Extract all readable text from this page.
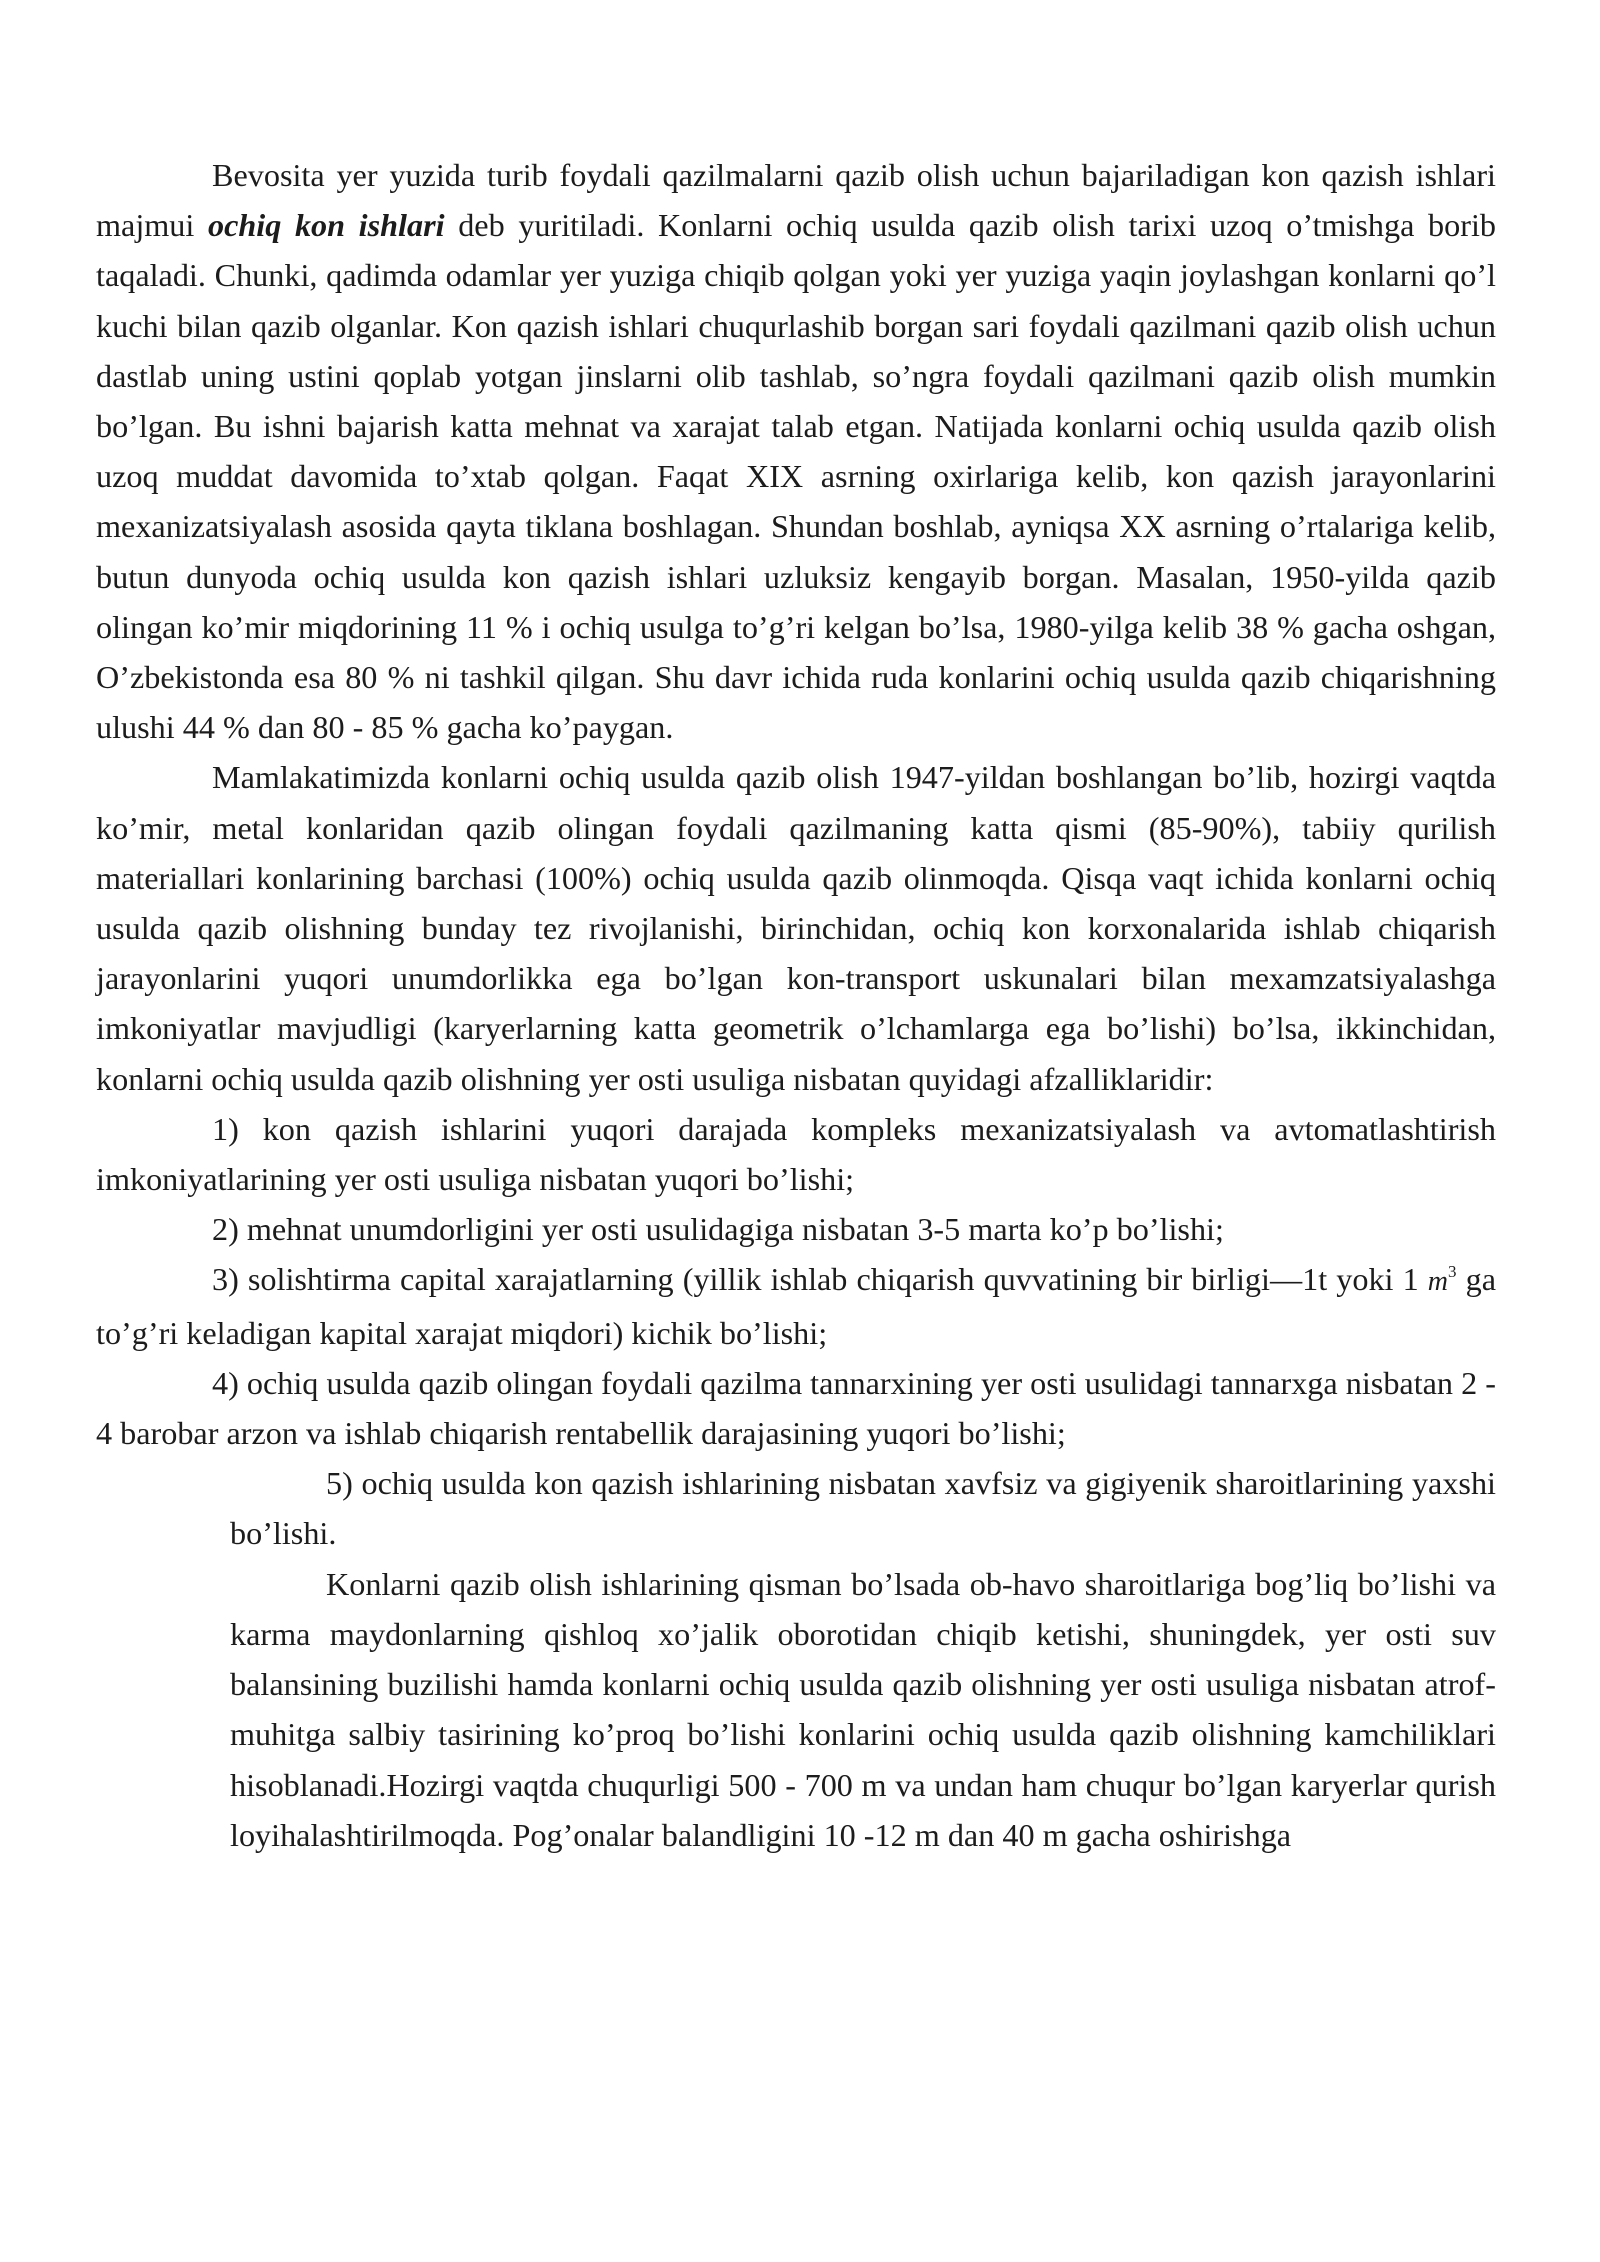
Bevosita yer yuzida turib foydali qazilmalarni qazib olish uchun bajariladigan kon qazish ishlari majmui ochiq kon ishlari deb yuritiladi. Konlarni ochiq usulda qazib olish tarixi uzoq o’tmishga borib taqaladi. Chunki, qadimda odamlar yer yuziga chiqib qolgan yoki yer yuziga yaqin joylashgan konlarni qo’l kuchi bilan qazib olganlar. Kon qazish ishlari chuqurlashib borgan sari foydali qazilmani qazib olish uchun dastlab uning ustini qoplab yotgan jinslarni olib tashlab, so’ngra foydali qazilmani qazib olish mumkin bo’lgan. Bu ishni bajarish katta mehnat va xarajat talab etgan. Natijada konlarni ochiq usulda qazib olish uzoq muddat davomida to’xtab qolgan. Faqat XIX asrning oxirlariga kelib, kon qazish jarayonlarini mexanizatsiyalash asosida qayta tiklana boshlagan. Shundan boshlab, ayniqsa XX asrning o’rtalariga kelib, butun dunyoda ochiq usulda kon qazish ishlari uzluksiz kengayib borgan. Masalan, 1950-yilda qazib olingan ko’mir miqdorining 11 % i ochiq usulga to’g’ri kelgan bo’lsa, 1980-yilga kelib 38 % gacha oshgan, O’zbekistonda esa 80 % ni tashkil qilgan. Shu davr ichida ruda konlarini ochiq usulda qazib chiqarishning ulushi 44 % dan 80 - 85 % gacha ko’paygan.

Mamlakatimizda konlarni ochiq usulda qazib olish 1947-yildan boshlangan bo’lib, hozirgi vaqtda ko’mir, metal konlaridan qazib olingan foydali qazilmaning katta qismi (85-90%), tabiiy qurilish materiallari konlarining barchasi (100%) ochiq usulda qazib olinmoqda. Qisqa vaqt ichida konlarni ochiq usulda qazib olishning bunday tez rivojlanishi, birinchidan, ochiq kon korxonalarida ishlab chiqarish jarayonlarini yuqori unumdorlikka ega bo’lgan kon-transport uskunalari bilan mexamzatsiyalashga imkoniyatlar mavjudligi (karyerlarning katta geometrik o’lchamlarga ega bo’lishi) bo’lsa, ikkinchidan, konlarni ochiq usulda qazib olishning yer osti usuliga nisbatan quyidagi afzalliklaridir:

1) kon qazish ishlarini yuqori darajada kompleks mexanizatsiyalash va avtomatlashtirish imkoniyatlarining yer osti usuliga nisbatan yuqori bo’lishi;

2) mehnat unumdorligini yer osti usulidagiga nisbatan 3-5 marta ko’p bo’lishi;

3) solishtirma capital xarajatlarning (yillik ishlab chiqarish quvvatining bir birligi—1t yoki 1 $m^3$ ga to’g’ri keladigan kapital xarajat miqdori) kichik bo’lishi;

4) ochiq usulda qazib olingan foydali qazilma tannarxining yer osti usulidagi tannarxga nisbatan 2 - 4 barobar arzon va ishlab chiqarish rentabellik darajasining yuqori bo’lishi;

5) ochiq usulda kon qazish ishlarining nisbatan xavfsiz va gigiyenik sharoitlarining yaxshi bo’lishi.

Konlarni qazib olish ishlarining qisman bo’lsada ob-havo sharoitlariga bog’liq bo’lishi va karma maydonlarning qishloq xo’jalik oborotidan chiqib ketishi, shuningdek, yer osti suv balansining buzilishi hamda konlarni ochiq usulda qazib olishning yer osti usuliga nisbatan atrof-muhitga salbiy tasirining ko’proq bo’lishi konlarini ochiq usulda qazib olishning kamchiliklari hisoblanadi.Hozirgi vaqtda chuqurligi 500 - 700 m va undan ham chuqur bo’lgan karyerlar qurish loyihalashtirilmoqda. Pog’onalar balandligini 10 -12 m dan 40 m gacha oshirishga
